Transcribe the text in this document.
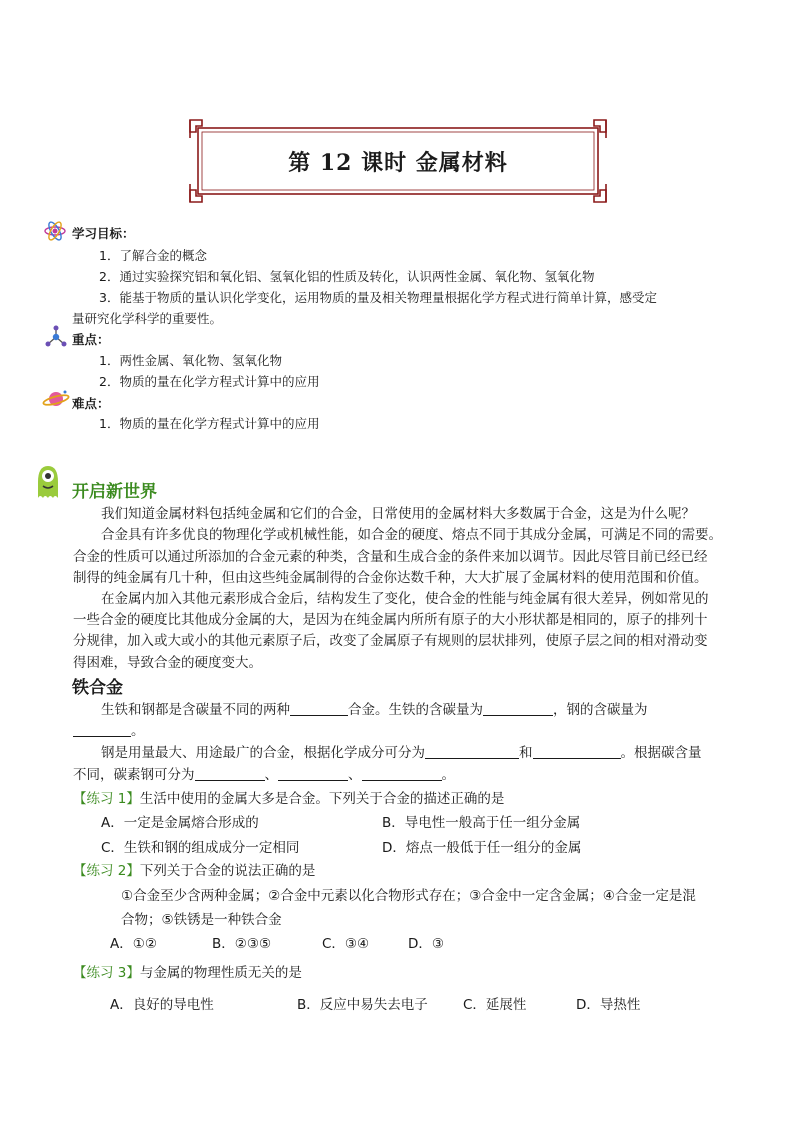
第 12 课时 金属材料
学习目标：
1．了解合金的概念
2．通过实验探究铝和氧化铝、氢氧化铝的性质及转化，认识两性金属、氧化物、氢氧化物
3．能基于物质的量认识化学变化，运用物质的量及相关物理量根据化学方程式进行简单计算，感受定
量研究化学科学的重要性。
重点：
1．两性金属、氧化物、氢氧化物
2．物质的量在化学方程式计算中的应用
难点：
1．物质的量在化学方程式计算中的应用
开启新世界
我们知道金属材料包括纯金属和它们的合金，日常使用的金属材料大多数属于合金，这是为什么呢？
合金具有许多优良的物理化学或机械性能，如合金的硬度、熔点不同于其成分金属，可满足不同的需要。
合金的性质可以通过所添加的合金元素的种类，含量和生成合金的条件来加以调节。因此尽管目前已经已经
制得的纯金属有几十种，但由这些纯金属制得的合金你达数千种，大大扩展了金属材料的使用范围和价值。
在金属内加入其他元素形成合金后，结构发生了变化，使合金的性能与纯金属有很大差异，例如常见的
一些合金的硬度比其他成分金属的大，是因为在纯金属内所所有原子的大小形状都是相同的，原子的排列十
分规律，加入或大或小的其他元素原子后，改变了金属原子有规则的层状排列，使原子层之间的相对滑动变
得困难，导致合金的硬度变大。
铁合金
生铁和钢都是含碳量不同的两种	合金。生铁的含碳量为	，钢的含碳量为
。
钢是用量最大、用途最广的合金，根据化学成分可分为	和	。根据碳含量
不同，碳素钢可分为	、	、	。
【练习 1】生活中使用的金属大多是合金。下列关于合金的描述正确的是
A．一定是金属熔合形成的	B．导电性一般高于任一组分金属
C．生铁和钢的组成成分一定相同	D．熔点一般低于任一组分的金属
【练习 2】下列关于合金的说法正确的是
①合金至少含两种金属；②合金中元素以化合物形式存在；③合金中一定含金属；④合金一定是混
合物；⑤铁锈是一种铁合金
A．①②	B．②③⑤	C．③④	D．③
【练习 3】与金属的物理性质无关的是
A．良好的导电性	B．反应中易失去电子	C．延展性	D．导热性
